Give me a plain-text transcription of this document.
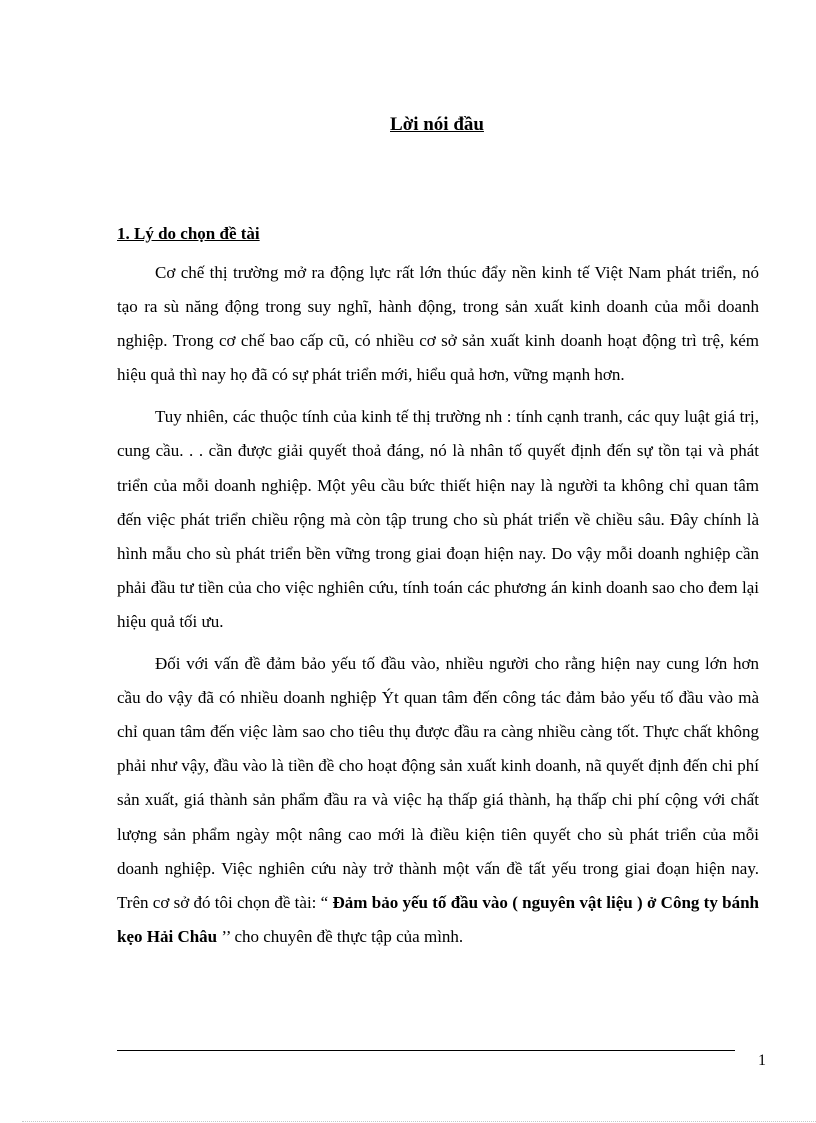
Lời nói đầu
1. Lý do chọn đề tài

Cơ chế thị trường mở ra động lực rất lớn thúc đẩy nền kinh tế Việt Nam phát triển, nó tạo ra sù năng động trong suy nghĩ, hành động, trong sản xuất kinh doanh của mỗi doanh nghiệp. Trong cơ chế bao cấp cũ, có nhiều cơ sở sản xuất kinh doanh hoạt động trì trệ, kém hiệu quả thì nay họ đã có sự phát triển mới, hiểu quả hơn, vững mạnh hơn.

Tuy nhiên, các thuộc tính của kinh tế thị trường nh : tính cạnh tranh, các quy luật giá trị, cung cầu. . . cần được giải quyết thoả đáng, nó là nhân tố quyết định đến sự tồn tại và phát triển của mỗi doanh nghiệp. Một yêu cầu bức thiết hiện nay là người ta không chỉ quan tâm đến việc phát triển chiều rộng mà còn tập trung cho sù phát triển về chiều sâu. Đây chính là hình mẫu cho sù phát triển bền vững trong giai đoạn hiện nay. Do vậy mỗi doanh nghiệp cần phải đầu tư tiền của cho việc nghiên cứu, tính toán các phương án kinh doanh sao cho đem lại hiệu quả tối ưu.

Đối với vấn đề đảm bảo yếu tố đầu vào, nhiều người cho rằng hiện nay cung lớn hơn cầu do vậy đã có nhiều doanh nghiệp Ýt quan tâm đến công tác đảm bảo yếu tố đầu vào mà chỉ quan tâm đến việc làm sao cho tiêu thụ được đầu ra càng nhiều càng tốt. Thực chất không phải như vậy, đầu vào là tiền đề cho hoạt động sản xuất kinh doanh, nã quyết định đến chi phí sản xuất, giá thành sản phẩm đầu ra và việc hạ thấp giá thành, hạ thấp chi phí cộng với chất lượng sản phẩm ngày một nâng cao mới là điều kiện tiên quyết cho sù phát triển của mỗi doanh nghiệp. Việc nghiên cứu này trở thành một vấn đề tất yếu trong giai đoạn hiện nay. Trên cơ sở đó tôi chọn đề tài: “ Đảm bảo yếu tố đầu vào ( nguyên vật liệu ) ở Công ty bánh kẹo Hải Châu ’’ cho chuyên đề thực tập của mình.

1
